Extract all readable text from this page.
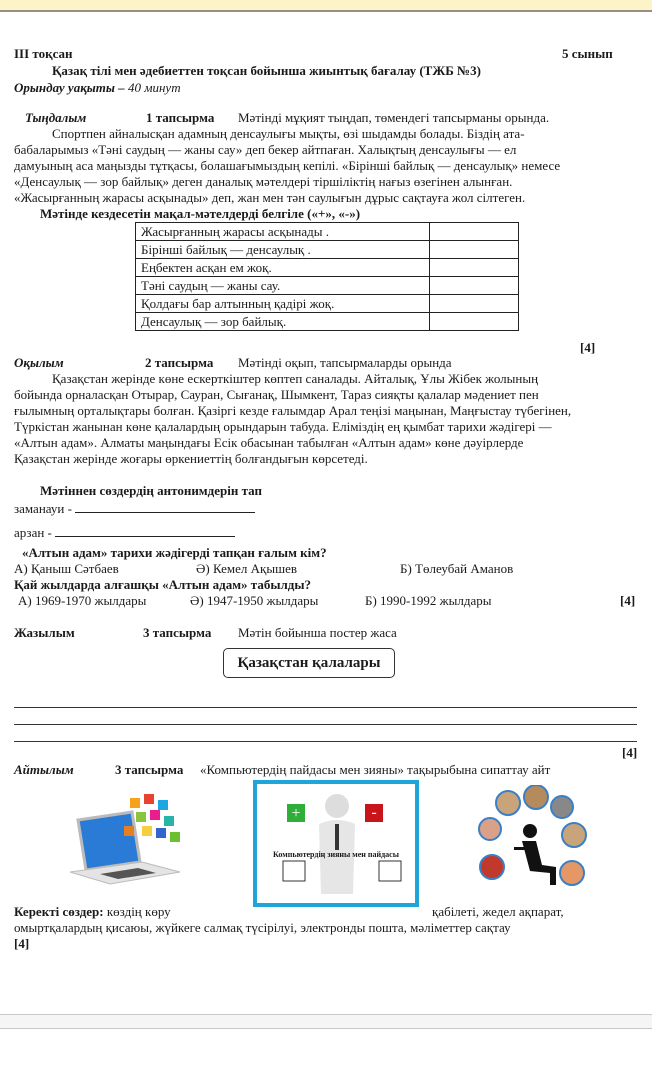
III тоқсан	5 сынып
Қазақ тілі мен әдебиеттен тоқсан бойынша жиынтық бағалау (ТЖБ №3)
Орындау уақыты – 40 минут
Тыңдалым	1 тапсырма Мәтінді мұқият тыңдап, төмендегі тапсырманы орында.
Спортпен айналысқан адамның денсаулығы мықты, өзі шыдамды болады. Біздің ата-
бабаларымыз «Тәні саудың — жаны сау» деп бекер айтпаған. Халықтың денсаулығы — ел
дамуының аса маңызды тұтқасы, болашағымыздың кепілі. «Бірінші байлық — денсаулық» немесе
«Денсаулық — зор байлық» деген даналық мәтелдері тіршіліктің нағыз өзегінен алынған.
«Жасырғанның жарасы асқынады» деп, жан мен тән саулығын дұрыс сақтауға жол сілтеген.
Мәтінде кездесетін мақал-мәтелдерді белгіле («+», «-»)
Жасырғанның жарасы асқынады .	
Бірінші байлық — денсаулық .	
Еңбектен асқан ем жоқ.	
Тәні саудың — жаны сау.	
Қолдағы бар алтынның қадірі жоқ.	
Денсаулық — зор байлық.	
[4]
Оқылым	2 тапсырма Мәтінді оқып, тапсырмаларды орында
Қазақстан жерінде көне ескерткіштер көптеп саналады. Айталық, Ұлы Жібек жолының
бойында орналасқан Отырар, Сауран, Сығанақ, Шымкент, Тараз сияқты қалалар мәдениет пен
ғылымның орталықтары болған. Қазіргі кезде ғалымдар Арал теңізі маңынан, Маңғыстау түбегінен,
Түркістан жанынан көне қалалардың орындарын табуда. Еліміздің ең қымбат тарихи жәдігері —
«Алтын адам». Алматы маңындағы Есік обасынан табылған «Алтын адам» көне дәуірлерде
Қазақстан жерінде жоғары өркениеттің болғандығын көрсетеді.
Мәтіннен сөздердің антонимдерін тап
заманауи -
арзан -
«Алтын адам» тарихи жәдігерді тапқан ғалым кім?
А) Қаныш Сәтбаев	Ә) Кемел Ақышев	Б) Төлеубай Аманов
Қай жылдарда алғашқы «Алтын адам» табылды?
А) 1969-1970 жылдары	Ә) 1947-1950 жылдары	Б) 1990-1992 жылдары	[4]
Жазылым	3 тапсырма Мәтін бойынша постер жаса
Қазақстан қалалары
[4]
Айтылым	3 тапсырма «Компьютердің пайдасы мен зияны» тақырыбына сипаттау айт
+	-
Компьютердің зияны мен пайдасы
Керекті сөздер: көздің көру	қабілеті, жедел ақпарат,
омыртқалардың қисаюы, жүйкеге салмақ түсірілуі, электронды пошта, мәліметтер сақтау
[4]
